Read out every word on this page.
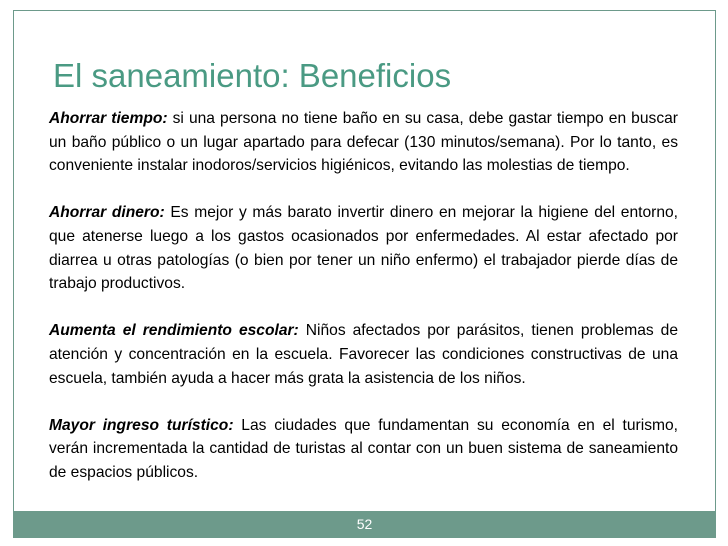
El saneamiento: Beneficios

Ahorrar tiempo: si una persona no tiene baño en su casa, debe gastar tiempo en buscar un baño público o un lugar apartado para defecar (130 minutos/semana). Por lo tanto, es conveniente instalar inodoros/servicios higiénicos, evitando las molestias de tiempo.

Ahorrar dinero: Es mejor y más barato invertir dinero en mejorar la higiene del entorno, que atenerse luego a los gastos ocasionados por enfermedades. Al estar afectado por diarrea u otras patologías (o bien por tener un niño enfermo) el trabajador pierde días de trabajo productivos.

Aumenta el rendimiento escolar: Niños afectados por parásitos, tienen problemas de atención y concentración en la escuela. Favorecer las condiciones constructivas de una escuela, también ayuda a hacer más grata la asistencia de los niños.

Mayor ingreso turístico: Las ciudades que fundamentan su economía en el turismo, verán incrementada la cantidad de turistas al contar con un buen sistema de saneamiento de espacios públicos.

52
